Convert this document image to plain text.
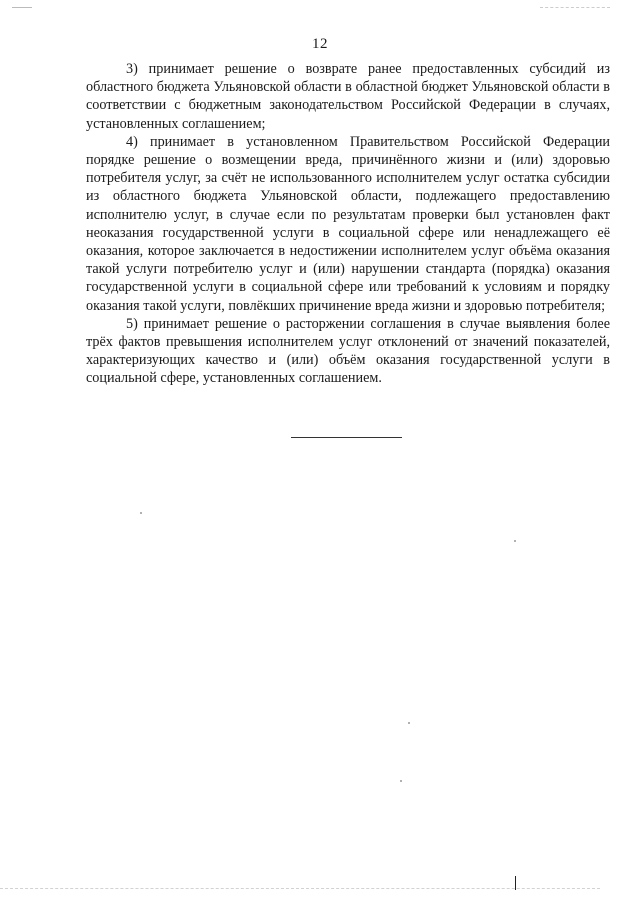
12

3) принимает решение о возврате ранее предоставленных субсидий из областного бюджета Ульяновской области в областной бюджет Ульяновской области в соответствии с бюджетным законодательством Российской Федерации в случаях, установленных соглашением;

4) принимает в установленном Правительством Российской Федерации порядке решение о возмещении вреда, причинённого жизни и (или) здоровью потребителя услуг, за счёт не использованного исполнителем услуг остатка субсидии из областного бюджета Ульяновской области, подлежащего предоставлению исполнителю услуг, в случае если по результатам проверки был установлен факт неоказания государственной услуги в социальной сфере или ненадлежащего её оказания, которое заключается в недостижении исполнителем услуг объёма оказания такой услуги потребителю услуг и (или) нарушении стандарта (порядка) оказания государственной услуги в социальной сфере или требований к условиям и порядку оказания такой услуги, повлёкших причинение вреда жизни и здоровью потребителя;

5) принимает решение о расторжении соглашения в случае выявления более трёх фактов превышения исполнителем услуг отклонений от значений показателей, характеризующих качество и (или) объём оказания государственной услуги в социальной сфере, установленных соглашением.
